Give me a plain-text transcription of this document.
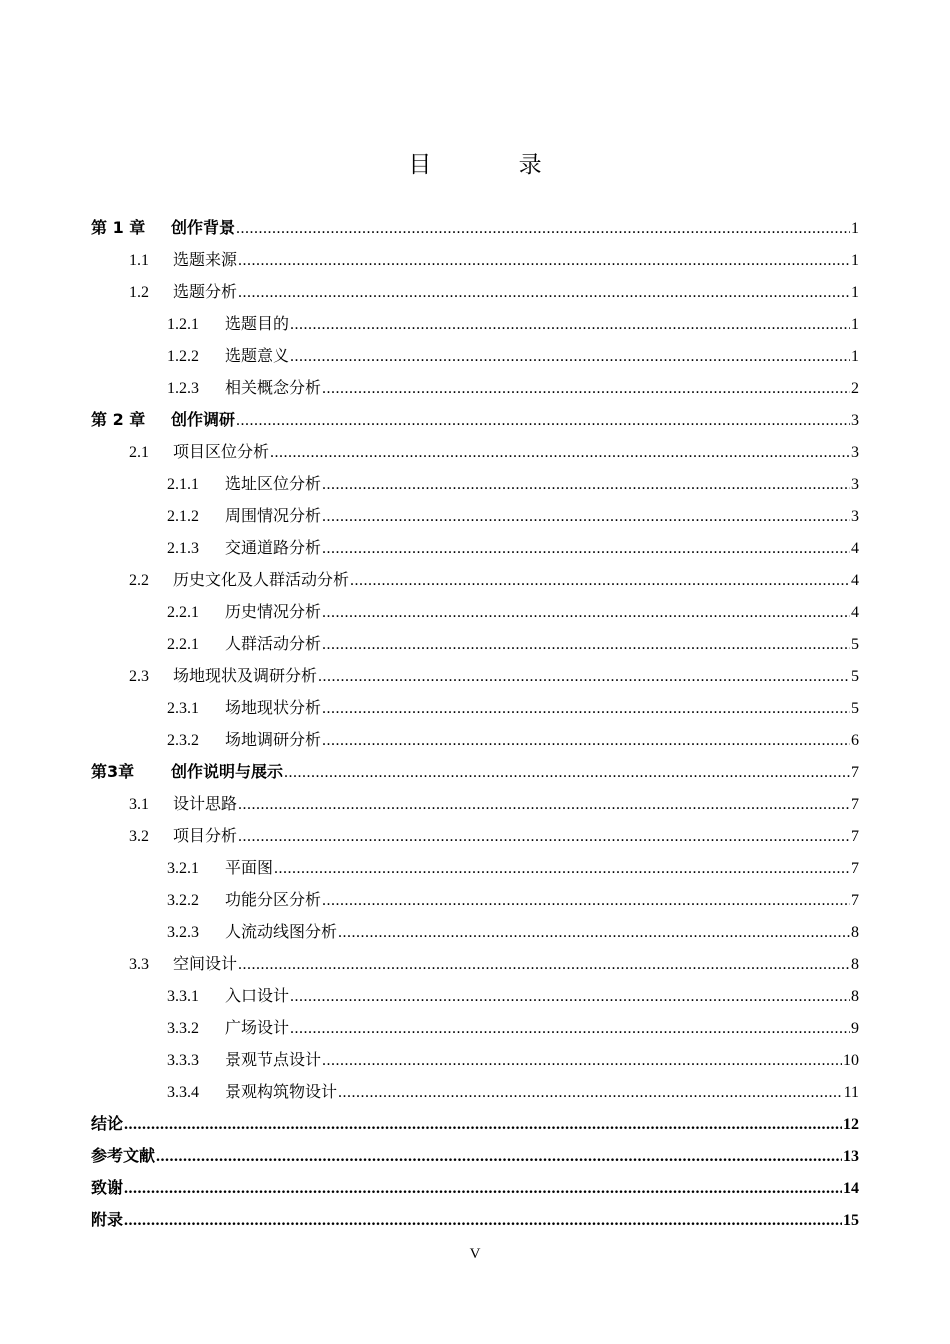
目 录
第 1 章	创作背景 .....	1
1.1	选题来源 .....	1
1.2	选题分析 .....	1
1.2.1	选题目的 .....	1
1.2.2	选题意义 .....	1
1.2.3	相关概念分析 .....	2
第 2 章	创作调研 .....	3
2.1	项目区位分析 .....	3
2.1.1	选址区位分析 .....	3
2.1.2	周围情况分析 .....	3
2.1.3	交通道路分析 .....	4
2.2	历史文化及人群活动分析 .....	4
2.2.1	历史情况分析 .....	4
2.2.1	人群活动分析 .....	5
2.3	场地现状及调研分析 .....	5
2.3.1	场地现状分析 .....	5
2.3.2	场地调研分析 .....	6
第3章	创作说明与展示 .....	7
3.1	设计思路 .....	7
3.2	项目分析 .....	7
3.2.1	平面图 .....	7
3.2.2	功能分区分析 .....	7
3.2.3	人流动线图分析 .....	8
3.3	空间设计 .....	8
3.3.1	入口设计 .....	8
3.3.2	广场设计 .....	9
3.3.3	景观节点设计 .....	10
3.3.4	景观构筑物设计 .....	11
结论 .....	12
参考文献 .....	13
致谢 .....	14
附录 .....	15
V
